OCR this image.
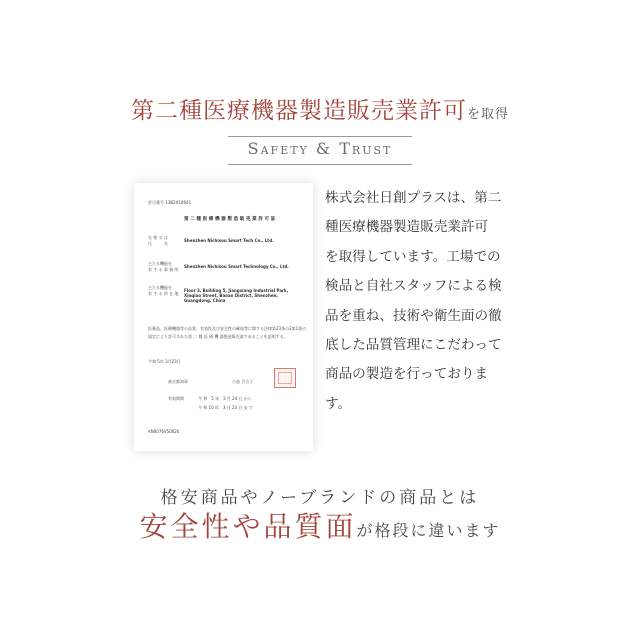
第二種医療機器製造販売業許可を取得
Safety & Trust
許可番号 13B2X10641
第 二 種 医 療 機 器 製 造 販 売 業 許 可 証
名 称 又 は
氏　　　名
Shenzhen Nichisou Smart Tech Co., Ltd.
主たる機能を
有 す る 事 務 所
Shenzhen Nichisou Smart Technology Co., Ltd.
主たる機能を
有 す る 所 在 地
Floor 3, Building 5, Jiangxiang Industrial Park, Xinqiao Street, Baoan District, Shenzhen, Guangdong, China
医薬品、医療機器等の品質、有効性及び安全性の確保等に関する法律第23条の2第1項の
規定により許可された第 二 種 医 療 機 器製造販売業であることを証明する。
令和 5年 3月23日
東京都知事	小池 百合子
有効期間	令 和　5 年　3 月 24 日 から
令 和 10 年　3 月 23 日 ま で
AN0076V50026
株式会社日創プラスは、第二
種医療機器製造販売業許可
を取得しています。工場での
検品と自社スタッフによる検
品を重ね、技術や衛生面の徹
底した品質管理にこだわって
商品の製造を行っておりま
す。
格安商品やノーブランドの商品とは
安全性や品質面が格段に違います
